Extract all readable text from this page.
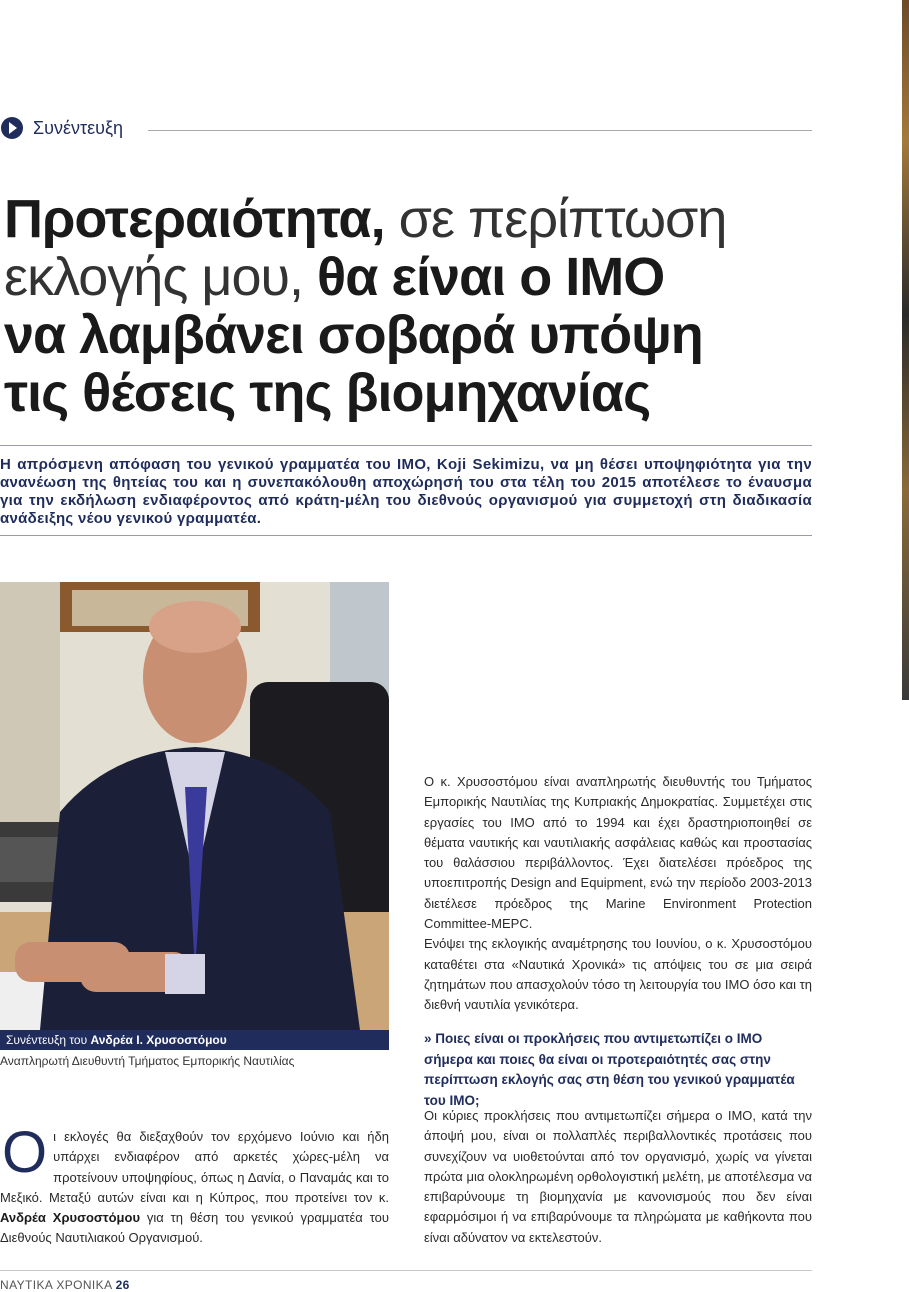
Συνέντευξη
Προτεραιότητα, σε περίπτωση
εκλογής μου, θα είναι ο ΙΜΟ
να λαμβάνει σοβαρά υπόψη
τις θέσεις της βιομηχανίας
Η απρόσμενη απόφαση του γενικού γραμματέα του ΙΜΟ, Koji Sekimizu, να μη θέσει υποψηφιότητα για την ανανέωση της θητείας του και η συνεπακόλουθη αποχώρησή του στα τέλη του 2015 αποτέλεσε το έναυσμα για την εκδήλωση ενδιαφέροντος από κράτη-μέλη του διεθνούς οργανισμού για συμμετοχή στη διαδικασία ανάδειξης νέου γενικού γραμματέα.
Συνέντευξη του Ανδρέα Ι. Χρυσοστόμου
Αναπληρωτή Διευθυντή Τμήματος Εμπορικής Ναυτιλίας
Οι εκλογές θα διεξαχθούν τον ερχόμενο Ιούνιο και ήδη υπάρχει ενδιαφέρον από αρκετές χώρες-μέλη να προτείνουν υποψηφίους, όπως η Δανία, ο Παναμάς και το Μεξικό. Μεταξύ αυτών είναι και η Κύπρος, που προτείνει τον κ. Ανδρέα Χρυσοστόμου για τη θέση του γενικού γραμματέα του Διεθνούς Ναυτιλιακού Οργανισμού.
Ο κ. Χρυσοστόμου είναι αναπληρωτής διευθυντής του Τμήματος Εμπορικής Ναυτιλίας της Κυπριακής Δημοκρατίας. Συμμετέχει στις εργασίες του ΙΜΟ από το 1994 και έχει δραστηριοποιηθεί σε θέματα ναυτικής και ναυτιλιακής ασφάλειας καθώς και προστασίας του θαλάσσιου περιβάλλοντος. Έχει διατελέσει πρόεδρος της υποεπιτροπής Design and Equipment, ενώ την περίοδο 2003-2013 διετέλεσε πρόεδρος της Marine Environment Protection Committee-MEPC.
Ενόψει της εκλογικής αναμέτρησης του Ιουνίου, ο κ. Χρυσοστόμου καταθέτει στα «Ναυτικά Χρονικά» τις απόψεις του σε μια σειρά ζητημάτων που απασχολούν τόσο τη λειτουργία του ΙΜΟ όσο και τη διεθνή ναυτιλία γενικότερα.
» Ποιες είναι οι προκλήσεις που αντιμετωπίζει ο ΙΜΟ σήμερα και ποιες θα είναι οι προτεραιότητές σας στην περίπτωση εκλογής σας στη θέση του γενικού γραμματέα του ΙΜΟ;
Οι κύριες προκλήσεις που αντιμετωπίζει σήμερα ο ΙΜΟ, κατά την άποψή μου, είναι οι πολλαπλές περιβαλλοντικές προτάσεις που συνεχίζουν να υιοθετούνται από τον οργανισμό, χωρίς να γίνεται πρώτα μια ολοκληρωμένη ορθολογιστική μελέτη, με αποτέλεσμα να επιβαρύνουμε τη βιομηχανία με κανονισμούς που δεν είναι εφαρμόσιμοι ή να επιβαρύνουμε τα πληρώματα με καθήκοντα που είναι αδύνατον να εκτελεστούν.
ΝΑΥΤΙΚΑ ΧΡΟΝΙΚΑ 26
